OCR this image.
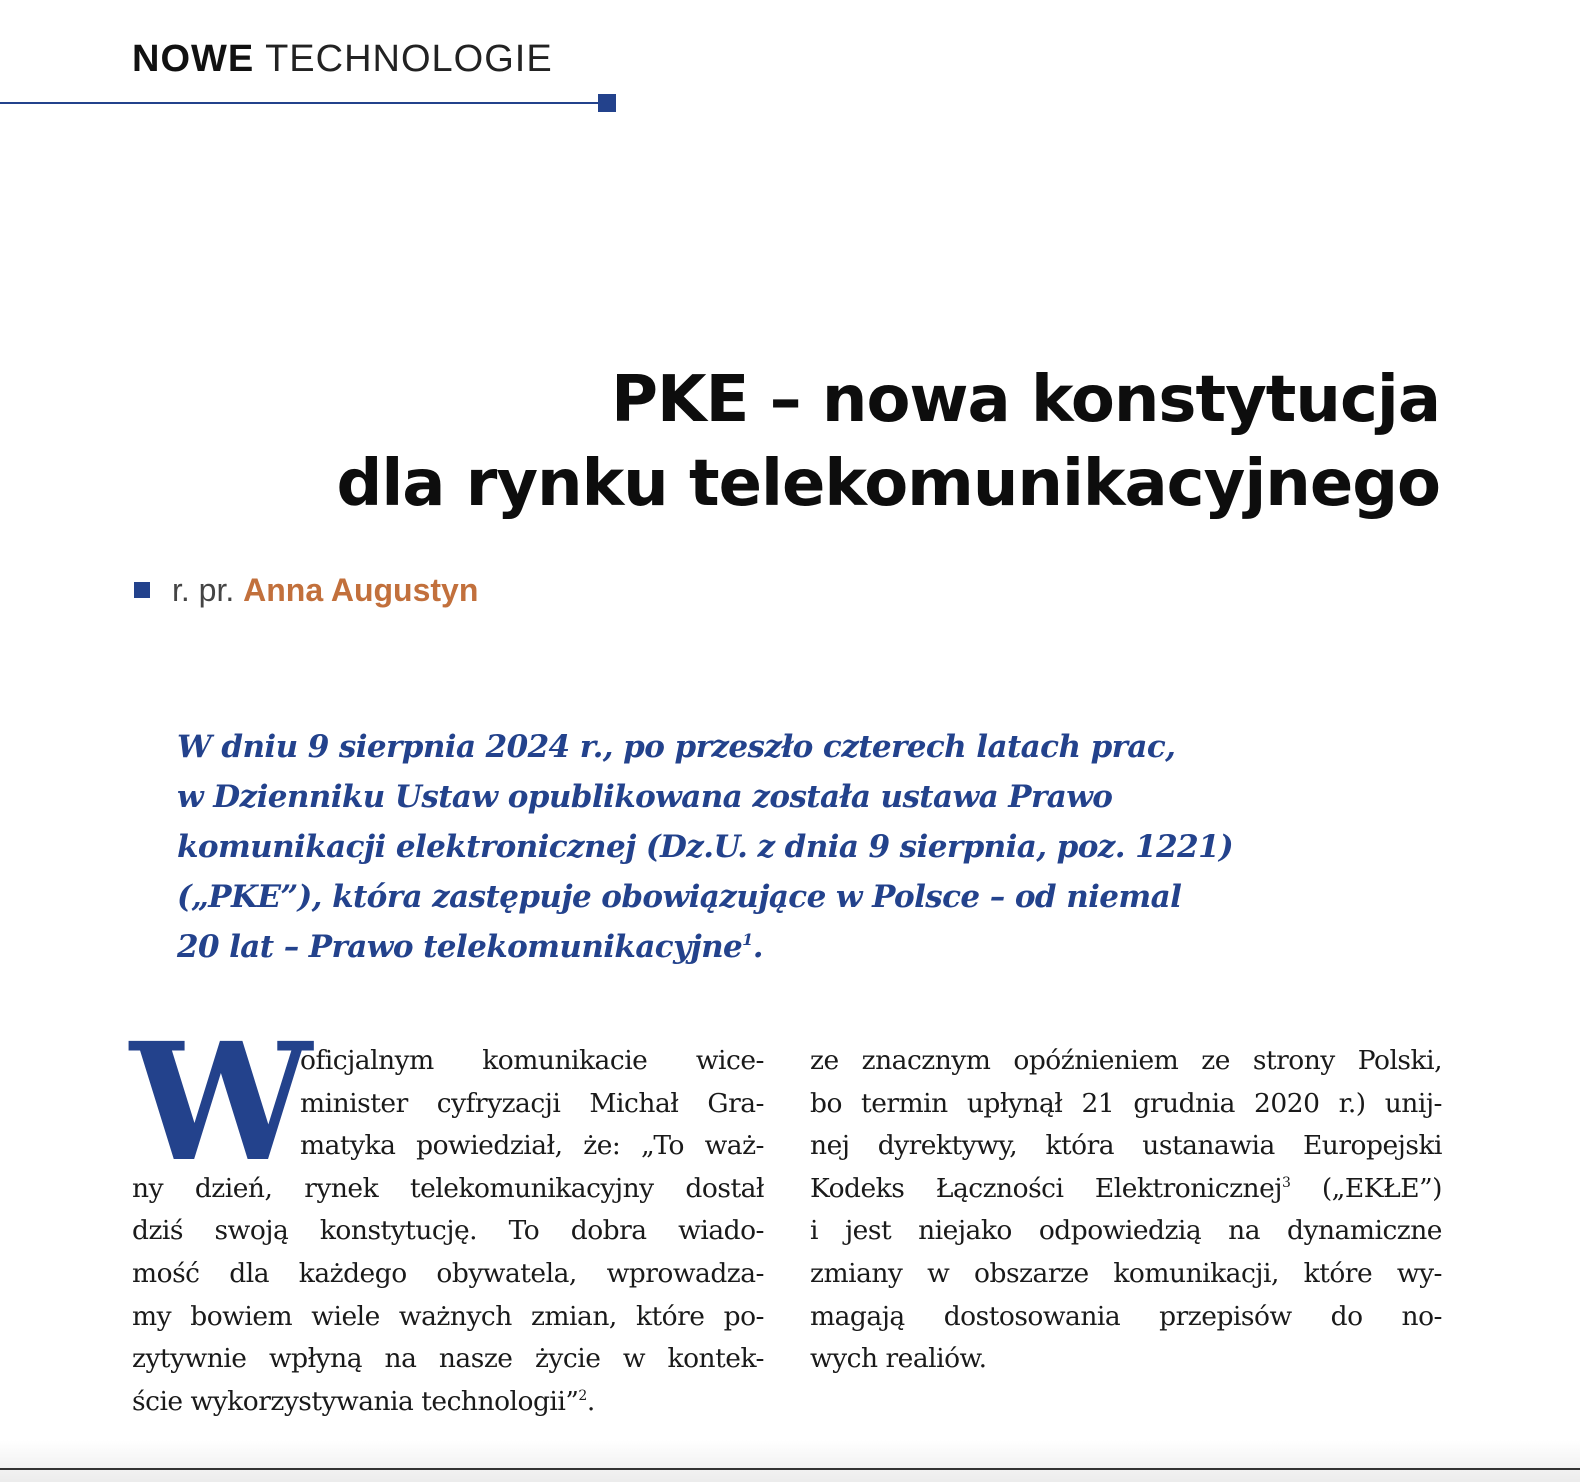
NOWE TECHNOLOGIE
PKE – nowa konstytucja
dla rynku telekomunikacyjnego
r. pr. Anna Augustyn
W dniu 9 sierpnia 2024 r., po przeszło czterech latach prac,
w Dzienniku Ustaw opublikowana została ustawa Prawo
komunikacji elektronicznej (Dz.U. z dnia 9 sierpnia, poz. 1221)
(„PKE”), która zastępuje obowiązujące w Polsce – od niemal
20 lat – Prawo telekomunikacyjne$^1$.
W
oficjalnym komunikacie wice-
minister cyfryzacji Michał Gra-
matyka powiedział, że: „To waż-
ny dzień, rynek telekomunikacyjny dostał
dziś swoją konstytucję. To dobra wiado-
mość dla każdego obywatela, wprowadza-
my bowiem wiele ważnych zmian, które po-
zytywnie wpłyną na nasze życie w kontek-
ście wykorzystywania technologii”$^2$.
ze znacznym opóźnieniem ze strony Polski,
bo termin upłynął 21 grudnia 2020 r.) unij-
nej dyrektywy, która ustanawia Europejski
Kodeks Łączności Elektronicznej$^3$ („EKŁE”)
i jest niejako odpowiedzią na dynamiczne
zmiany w obszarze komunikacji, które wy-
magają dostosowania przepisów do no-
wych realiów.
